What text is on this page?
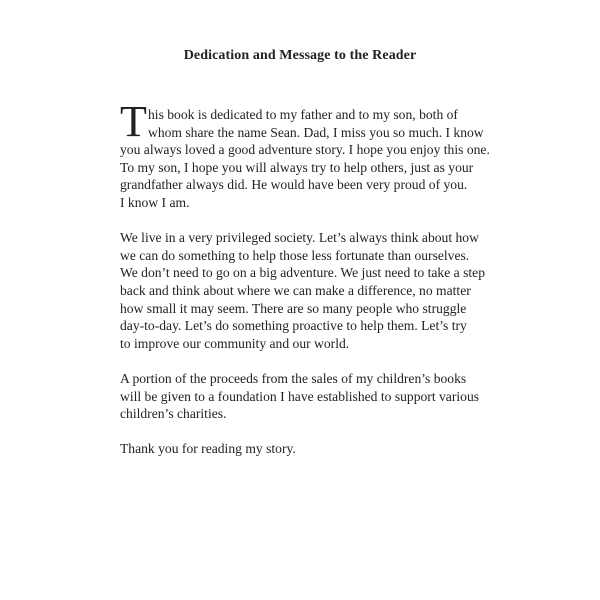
Dedication and Message to the Reader

T his book is dedicated to my father and to my son, both of
whom share the name Sean. Dad, I miss you so much. I know
you always loved a good adventure story. I hope you enjoy this one.
To my son, I hope you will always try to help others, just as your
grandfather always did. He would have been very proud of you.
I know I am.

We live in a very privileged society. Let’s always think about how
we can do something to help those less fortunate than ourselves.
We don’t need to go on a big adventure. We just need to take a step
back and think about where we can make a difference, no matter
how small it may seem. There are so many people who struggle
day-to-day. Let’s do something proactive to help them. Let’s try
to improve our community and our world.

A portion of the proceeds from the sales of my children’s books
will be given to a foundation I have established to support various
children’s charities.

Thank you for reading my story.
